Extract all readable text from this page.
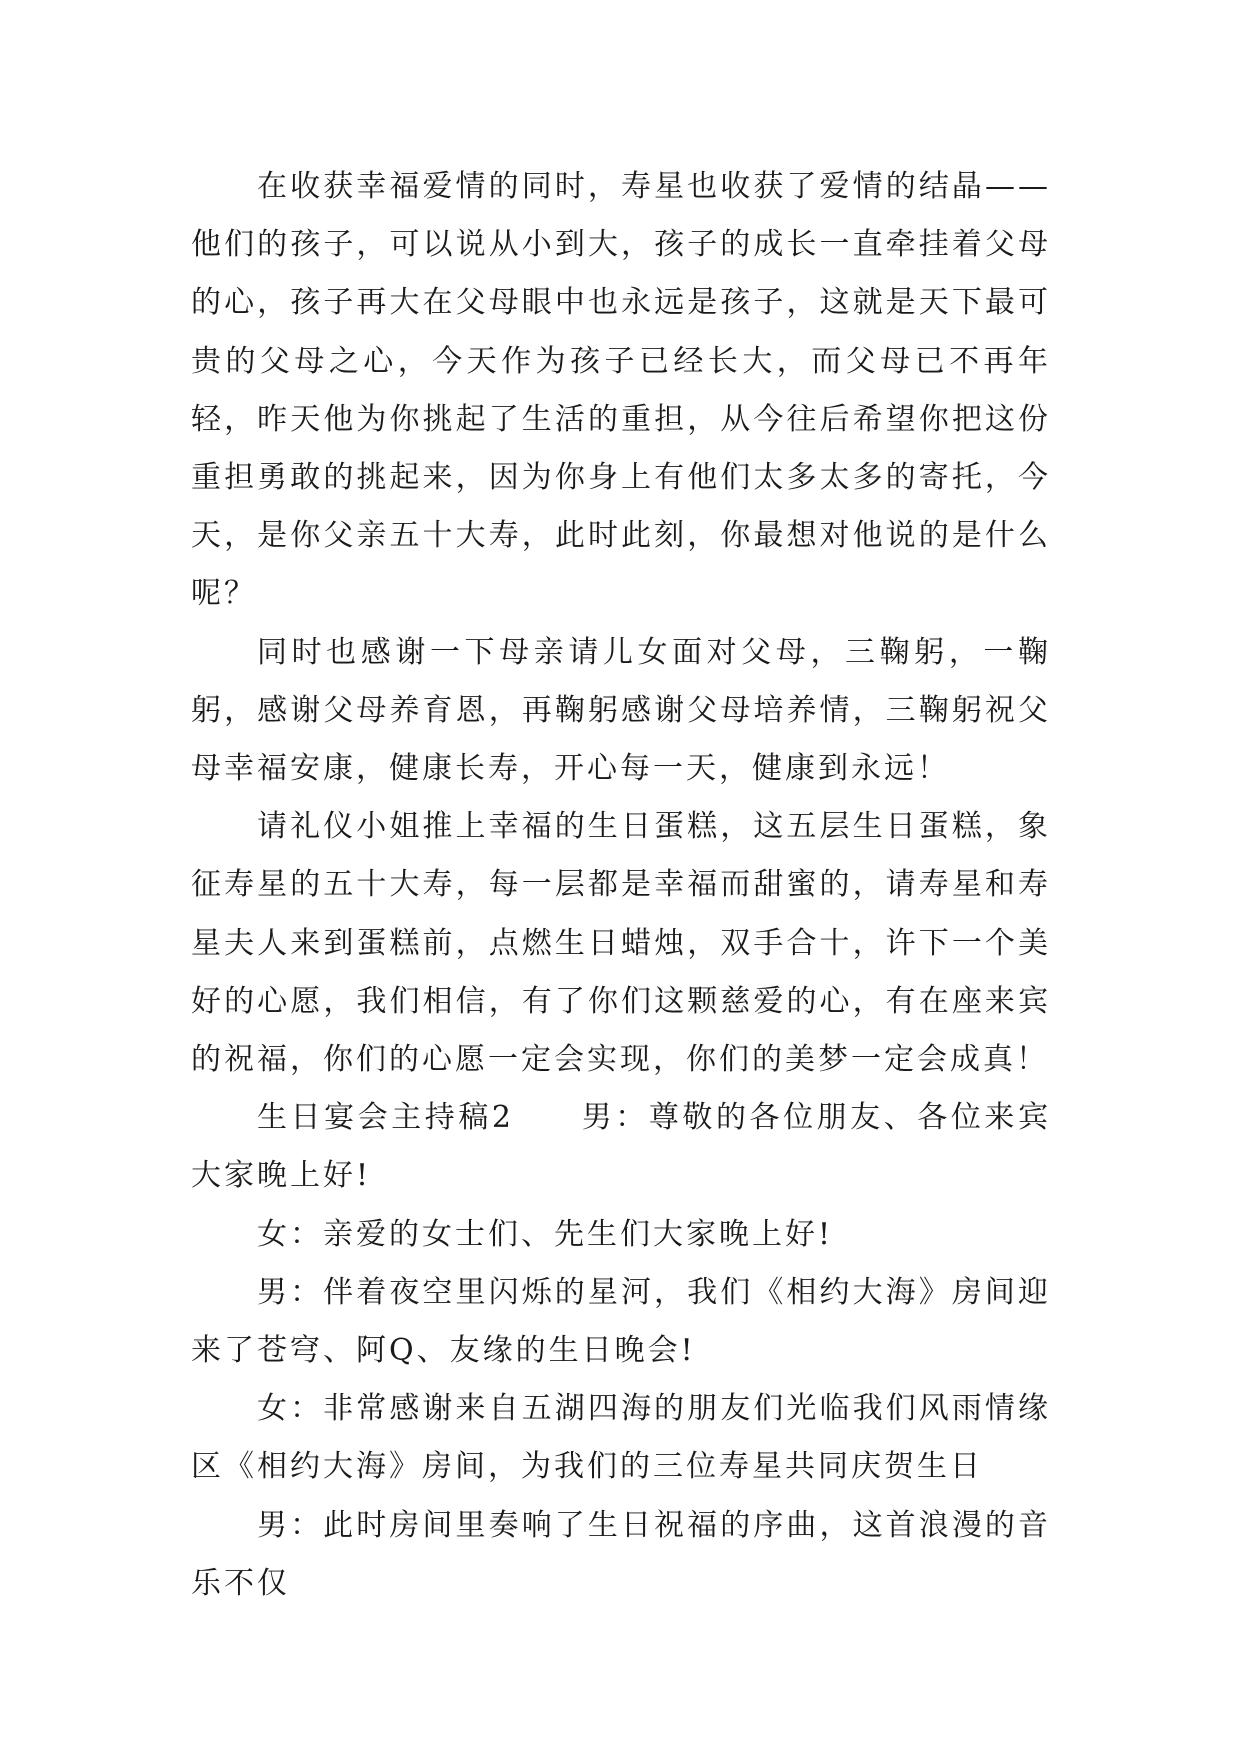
在收获幸福爱情的同时，寿星也收获了爱情的结晶——他们的孩子，可以说从小到大，孩子的成长一直牵挂着父母的心，孩子再大在父母眼中也永远是孩子，这就是天下最可贵的父母之心，今天作为孩子已经长大，而父母已不再年轻，昨天他为你挑起了生活的重担，从今往后希望你把这份重担勇敢的挑起来，因为你身上有他们太多太多的寄托，今天，是你父亲五十大寿，此时此刻，你最想对他说的是什么呢？

同时也感谢一下母亲请儿女面对父母，三鞠躬，一鞠躬，感谢父母养育恩，再鞠躬感谢父母培养情，三鞠躬祝父母幸福安康，健康长寿，开心每一天，健康到永远！

请礼仪小姐推上幸福的生日蛋糕，这五层生日蛋糕，象征寿星的五十大寿，每一层都是幸福而甜蜜的，请寿星和寿星夫人来到蛋糕前，点燃生日蜡烛，双手合十，许下一个美好的心愿，我们相信，有了你们这颗慈爱的心，有在座来宾的祝福，你们的心愿一定会实现，你们的美梦一定会成真！

生日宴会主持稿2　　男：尊敬的各位朋友、各位来宾大家晚上好!

女：亲爱的女士们、先生们大家晚上好!

男：伴着夜空里闪烁的星河，我们《相约大海》房间迎来了苍穹、阿Q、友缘的生日晚会!

女：非常感谢来自五湖四海的朋友们光临我们风雨情缘区《相约大海》房间，为我们的三位寿星共同庆贺生日

男：此时房间里奏响了生日祝福的序曲，这首浪漫的音乐不仅
